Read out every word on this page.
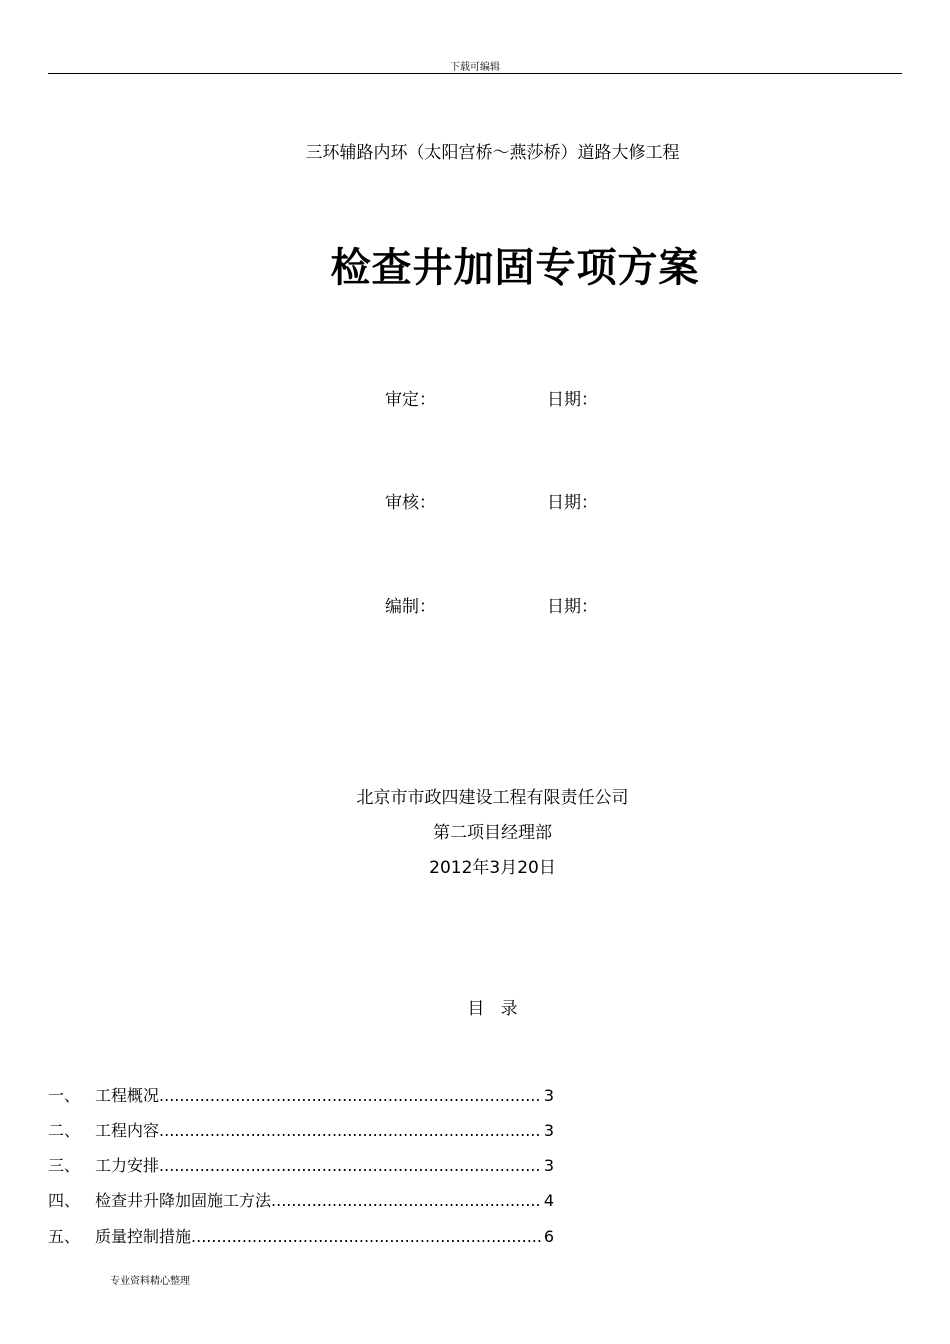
下载可编辑
三环辅路内环（太阳宫桥～燕莎桥）道路大修工程
检查井加固专项方案
审定：	日期：
审核：	日期：
编制：	日期：
北京市市政四建设工程有限责任公司
第二项目经理部
2012年3月20日
目   录
一、 工程概况 .....	3
二、 工程内容 .....	3
三、 工力安排 .....	3
四、 检查井升降加固施工方法 .....	4
五、 质量控制措施 .....	6
专业资料精心整理
